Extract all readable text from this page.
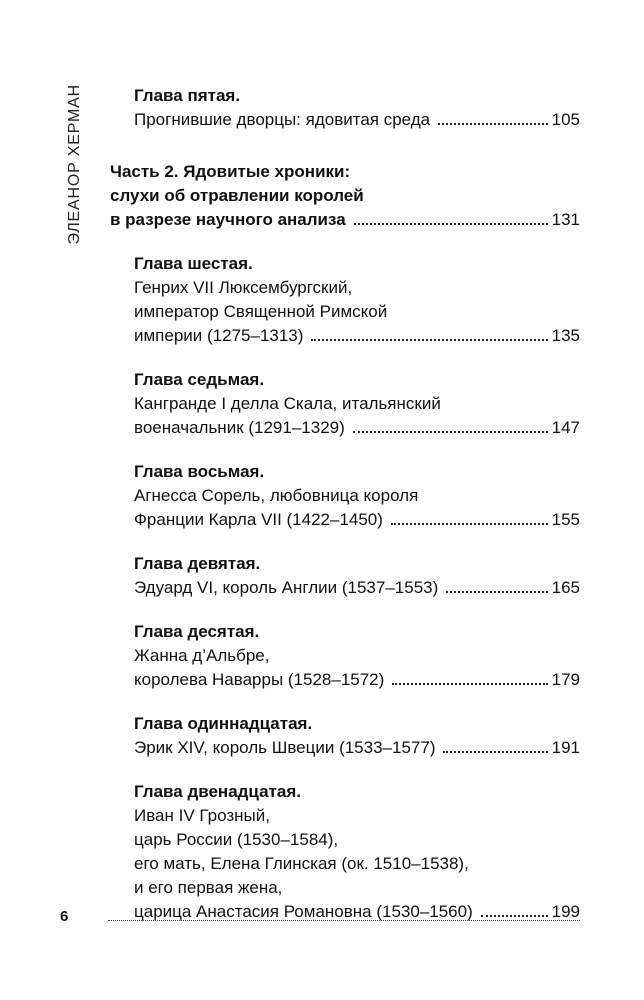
ЭЛЕАНОР ХЕРМАН	Глава пятая.
Прогнившие дворцы: ядовитая среда	105
Часть 2. Ядовитые хроники:
слухи об отравлении королей
в разрезе научного анализа	131
Глава шестая.
Генрих VII Люксембургский,
император Священной Римской
империи (1275–1313)	135
Глава седьмая.
Кангранде I делла Скала, итальянский
военачальник (1291–1329)	147
Глава восьмая.
Агнесса Сорель, любовница короля
Франции Карла VII (1422–1450)	155
Глава девятая.
Эдуард VI, король Англии (1537–1553)	165
Глава десятая.
Жанна д’Альбре,
королева Наварры (1528–1572)	179
Глава одиннадцатая.
Эрик XIV, король Швеции (1533–1577)	191
Глава двенадцатая.
Иван IV Грозный,
царь России (1530–1584),
его мать, Елена Глинская (ок. 1510–1538),
и его первая жена,
царица Анастасия Романовна (1530–1560)	199
6
